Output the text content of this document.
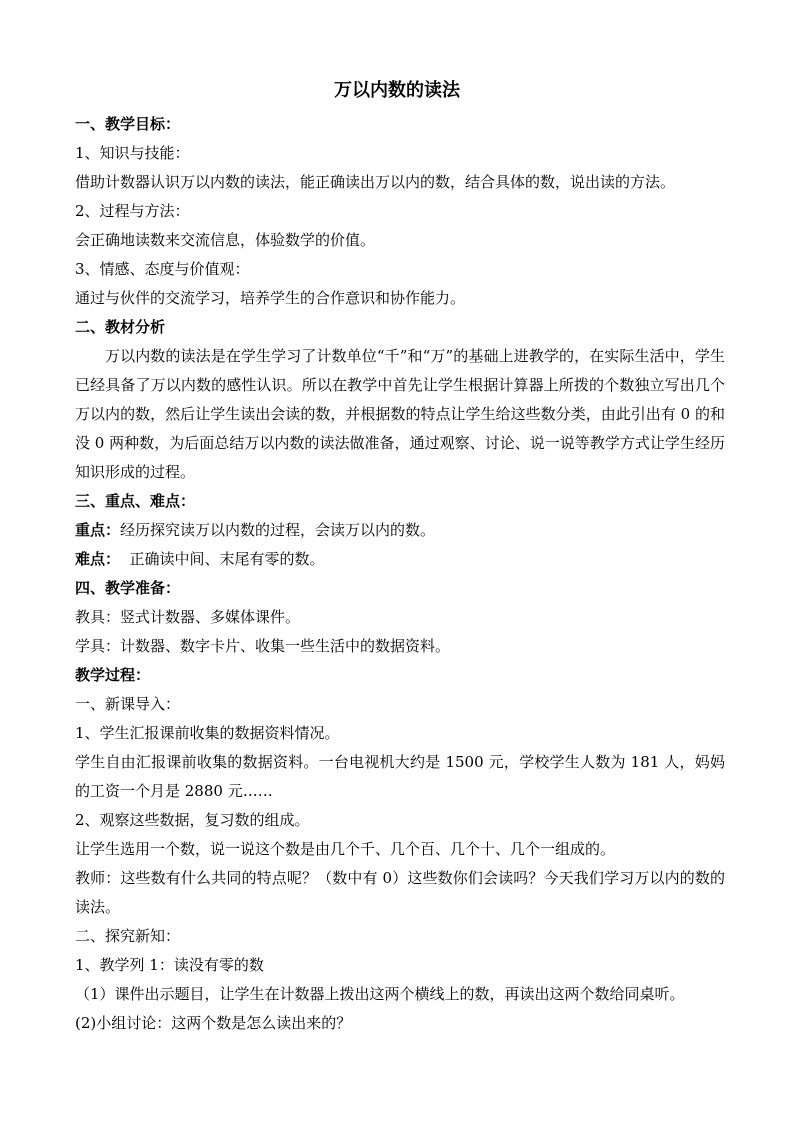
万以内数的读法
一、教学目标：
1、知识与技能：
借助计数器认识万以内数的读法，能正确读出万以内的数，结合具体的数，说出读的方法。
2、过程与方法：
会正确地读数来交流信息，体验数学的价值。
3、情感、态度与价值观：
通过与伙伴的交流学习，培养学生的合作意识和协作能力。
二、教材分析
万以内数的读法是在学生学习了计数单位“千”和“万”的基础上进教学的，在实际生活中，学生已经具备了万以内数的感性认识。所以在教学中首先让学生根据计算器上所拨的个数独立写出几个万以内的数，然后让学生读出会读的数，并根据数的特点让学生给这些数分类，由此引出有 0 的和没 0 两种数，为后面总结万以内数的读法做准备，通过观察、讨论、说一说等教学方式让学生经历知识形成的过程。
三、重点、难点：
重点：经历探究读万以内数的过程，会读万以内的数。
难点：  正确读中间、末尾有零的数。
四、教学准备：
教具：竖式计数器、多媒体课件。
学具：计数器、数字卡片、收集一些生活中的数据资料。
教学过程：
一、新课导入：
1、学生汇报课前收集的数据资料情况。
学生自由汇报课前收集的数据资料。一台电视机大约是 1500 元，学校学生人数为 181 人，妈妈的工资一个月是 2880 元……
2、观察这些数据，复习数的组成。
让学生选用一个数，说一说这个数是由几个千、几个百、几个十、几个一组成的。
教师：这些数有什么共同的特点呢？（数中有 0）这些数你们会读吗？今天我们学习万以内的数的读法。
二、探究新知：
1、教学列 1：读没有零的数
（1）课件出示题目，让学生在计数器上拨出这两个横线上的数，再读出这两个数给同桌听。
(2)小组讨论：这两个数是怎么读出来的？
